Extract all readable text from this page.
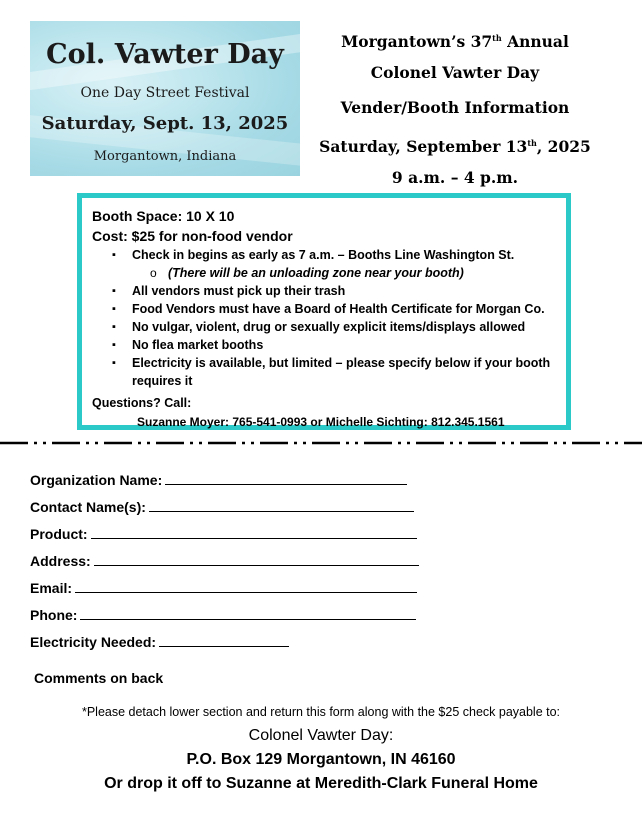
Col. Vawter Day
One Day Street Festival
Saturday, Sept. 13, 2025
Morgantown, Indiana
Morgantown’s 37th Annual
Colonel Vawter Day
Vender/Booth Information
Saturday, September 13th, 2025
9 a.m. – 4 p.m.
Booth Space: 10 X 10
Cost: $25 for non-food vendor
▪ Check in begins as early as 7 a.m. – Booths Line Washington St.
o (There will be an unloading zone near your booth)
▪ All vendors must pick up their trash
▪ Food Vendors must have a Board of Health Certificate for Morgan Co.
▪ No vulgar, violent, drug or sexually explicit items/displays allowed
▪ No flea market booths
▪ Electricity is available, but limited – please specify below if your booth requires it
Questions? Call:
Suzanne Moyer: 765-541-0993 or Michelle Sichting: 812.345.1561
Organization Name:
Contact Name(s):
Product:
Address:
Email:
Phone:
Electricity Needed:
Comments on back
*Please detach lower section and return this form along with the $25 check payable to:
Colonel Vawter Day:
P.O. Box 129 Morgantown, IN 46160
Or drop it off to Suzanne at Meredith-Clark Funeral Home
